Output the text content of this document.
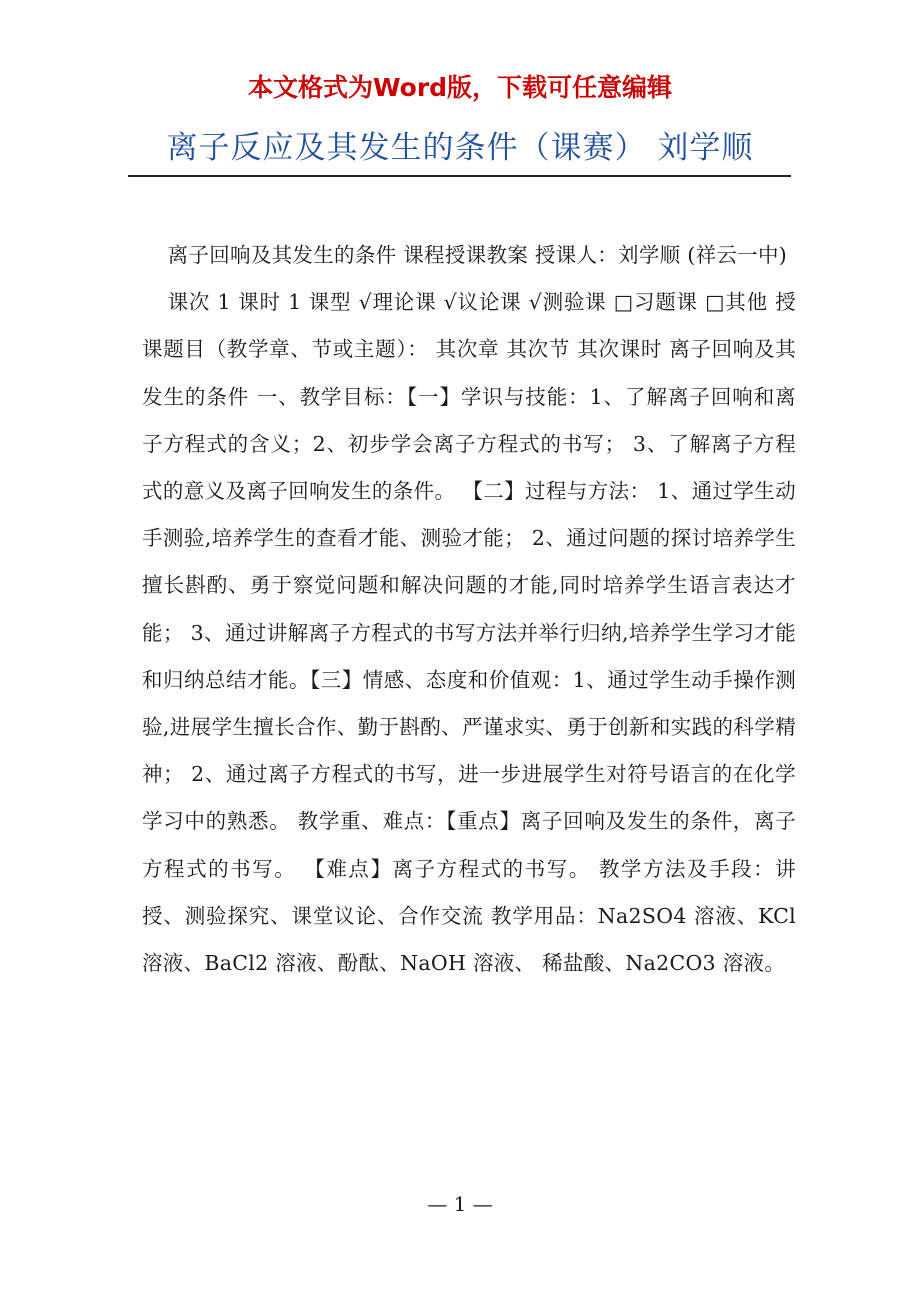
本文格式为Word版，下载可任意编辑
离子反应及其发生的条件（课赛） 刘学顺

离子回响及其发生的条件 课程授课教案 授课人：刘学顺 (祥云一中)

课次 1 课时 1 课型 √理论课 √议论课 √测验课 □习题课 □其他 授课题目（教学章、节或主题）： 其次章 其次节 其次课时 离子回响及其发生的条件 一、教学目标：【一】学识与技能：1、了解离子回响和离子方程式的含义；2、初步学会离子方程式的书写； 3、了解离子方程式的意义及离子回响发生的条件。 【二】过程与方法： 1、通过学生动手测验,培养学生的查看才能、测验才能； 2、通过问题的探讨培养学生擅长斟酌、勇于察觉问题和解决问题的才能,同时培养学生语言表达才能； 3、通过讲解离子方程式的书写方法并举行归纳,培养学生学习才能和归纳总结才能。【三】情感、态度和价值观：1、通过学生动手操作测验,进展学生擅长合作、勤于斟酌、严谨求实、勇于创新和实践的科学精神； 2、通过离子方程式的书写，进一步进展学生对符号语言的在化学学习中的熟悉。 教学重、难点：【重点】离子回响及发生的条件，离子方程式的书写。 【难点】离子方程式的书写。 教学方法及手段：讲授、测验探究、课堂议论、合作交流 教学用品：Na2SO4 溶液、KCl 溶液、BaCl2 溶液、酚酞、NaOH 溶液、 稀盐酸、Na2CO3 溶液。

— 1 —
